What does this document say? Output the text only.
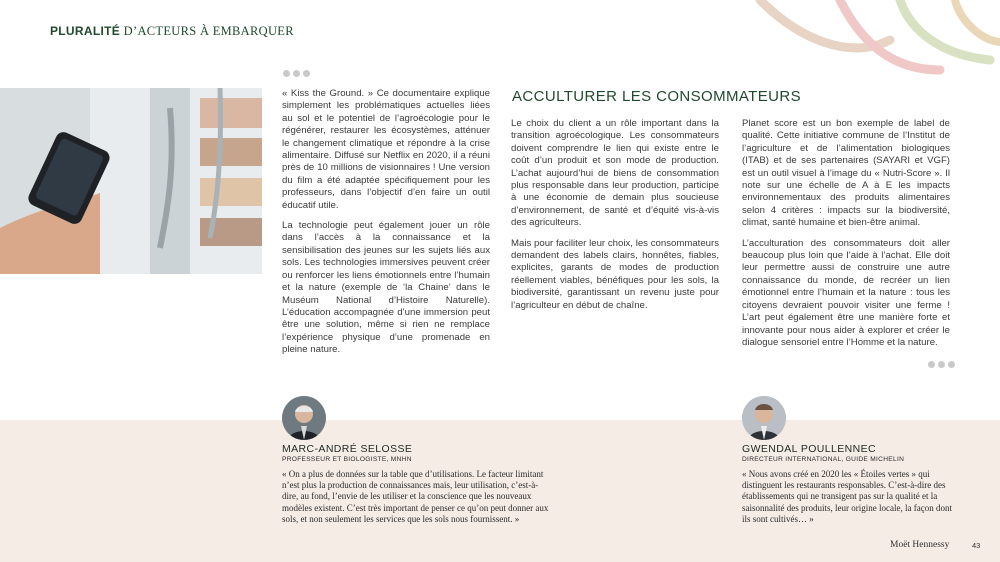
PLURALITÉ D’ACTEURS À EMBARQUER

« Kiss the Ground. » Ce documentaire explique simplement les problématiques actuelles liées au sol et le potentiel de l’agroécologie pour le régénérer, restaurer les écosystèmes, atténuer le changement climatique et répondre à la crise alimentaire. Diffusé sur Netflix en 2020, il a réuni près de 10 millions de visionnaires ! Une version du film a été adaptée spécifiquement pour les professeurs, dans l’objectif d’en faire un outil éducatif utile.

La technologie peut également jouer un rôle dans l’accès à la connaissance et la sensibilisation des jeunes sur les sujets liés aux sols. Les technologies immersives peuvent créer ou renforcer les liens émotionnels entre l’humain et la nature (exemple de ‘la Chaine’ dans le Muséum National d’Histoire Naturelle). L’éducation accompagnée d’une immersion peut être une solution, même si rien ne remplace l’expérience physique d’une promenade en pleine nature.

ACCULTURER LES CONSOMMATEURS

Le choix du client a un rôle important dans la transition agroécologique. Les consommateurs doivent comprendre le lien qui existe entre le coût d’un produit et son mode de production. L’achat aujourd’hui de biens de consommation plus responsable dans leur production, participe à une économie de demain plus soucieuse d’environnement, de santé et d’équité vis-à-vis des agriculteurs.

Mais pour faciliter leur choix, les consommateurs demandent des labels clairs, honnêtes, fiables, explicites, garants de modes de production réellement viables, bénéfiques pour les sols, la biodiversité, garantissant un revenu juste pour l’agriculteur en début de chaîne.

Planet score est un bon exemple de label de qualité. Cette initiative commune de l’Institut de l’agriculture et de l’alimentation biologiques (ITAB) et de ses partenaires (SAYARI et VGF) est un outil visuel à l’image du « Nutri-Score ». Il note sur une échelle de A à E les impacts environnementaux des produits alimentaires selon 4 critères : impacts sur la biodiversité, climat, santé humaine et bien-être animal.

L’acculturation des consommateurs doit aller beaucoup plus loin que l’aide à l’achat. Elle doit leur permettre aussi de construire une autre connaissance du monde, de recréer un lien émotionnel entre l’humain et la nature : tous les citoyens devraient pouvoir visiter une ferme ! L’art peut également être une manière forte et innovante pour nous aider à explorer et créer le dialogue sensoriel entre l’Homme et la nature.

MARC-ANDRÉ SELOSSE
PROFESSEUR ET BIOLOGISTE, MNHN
« On a plus de données sur la table que d’utilisations. Le facteur limitant n’est plus la production de connaissances mais, leur utilisation, c’est-à-dire, au fond, l’envie de les utiliser et la conscience que les nouveaux modèles existent. C’est très important de penser ce qu’on peut donner aux sols, et non seulement les services que les sols nous fournissent. »
GWENDAL POULLENNEC
DIRECTEUR INTERNATIONAL, GUIDE MICHELIN
« Nous avons créé en 2020 les « Étoiles vertes » qui distinguent les restaurants responsables. C’est-à-dire des établissements qui ne transigent pas sur la qualité et la saisonnalité des produits, leur origine locale, la façon dont ils sont cultivés… »
Moët Hennessy	43
